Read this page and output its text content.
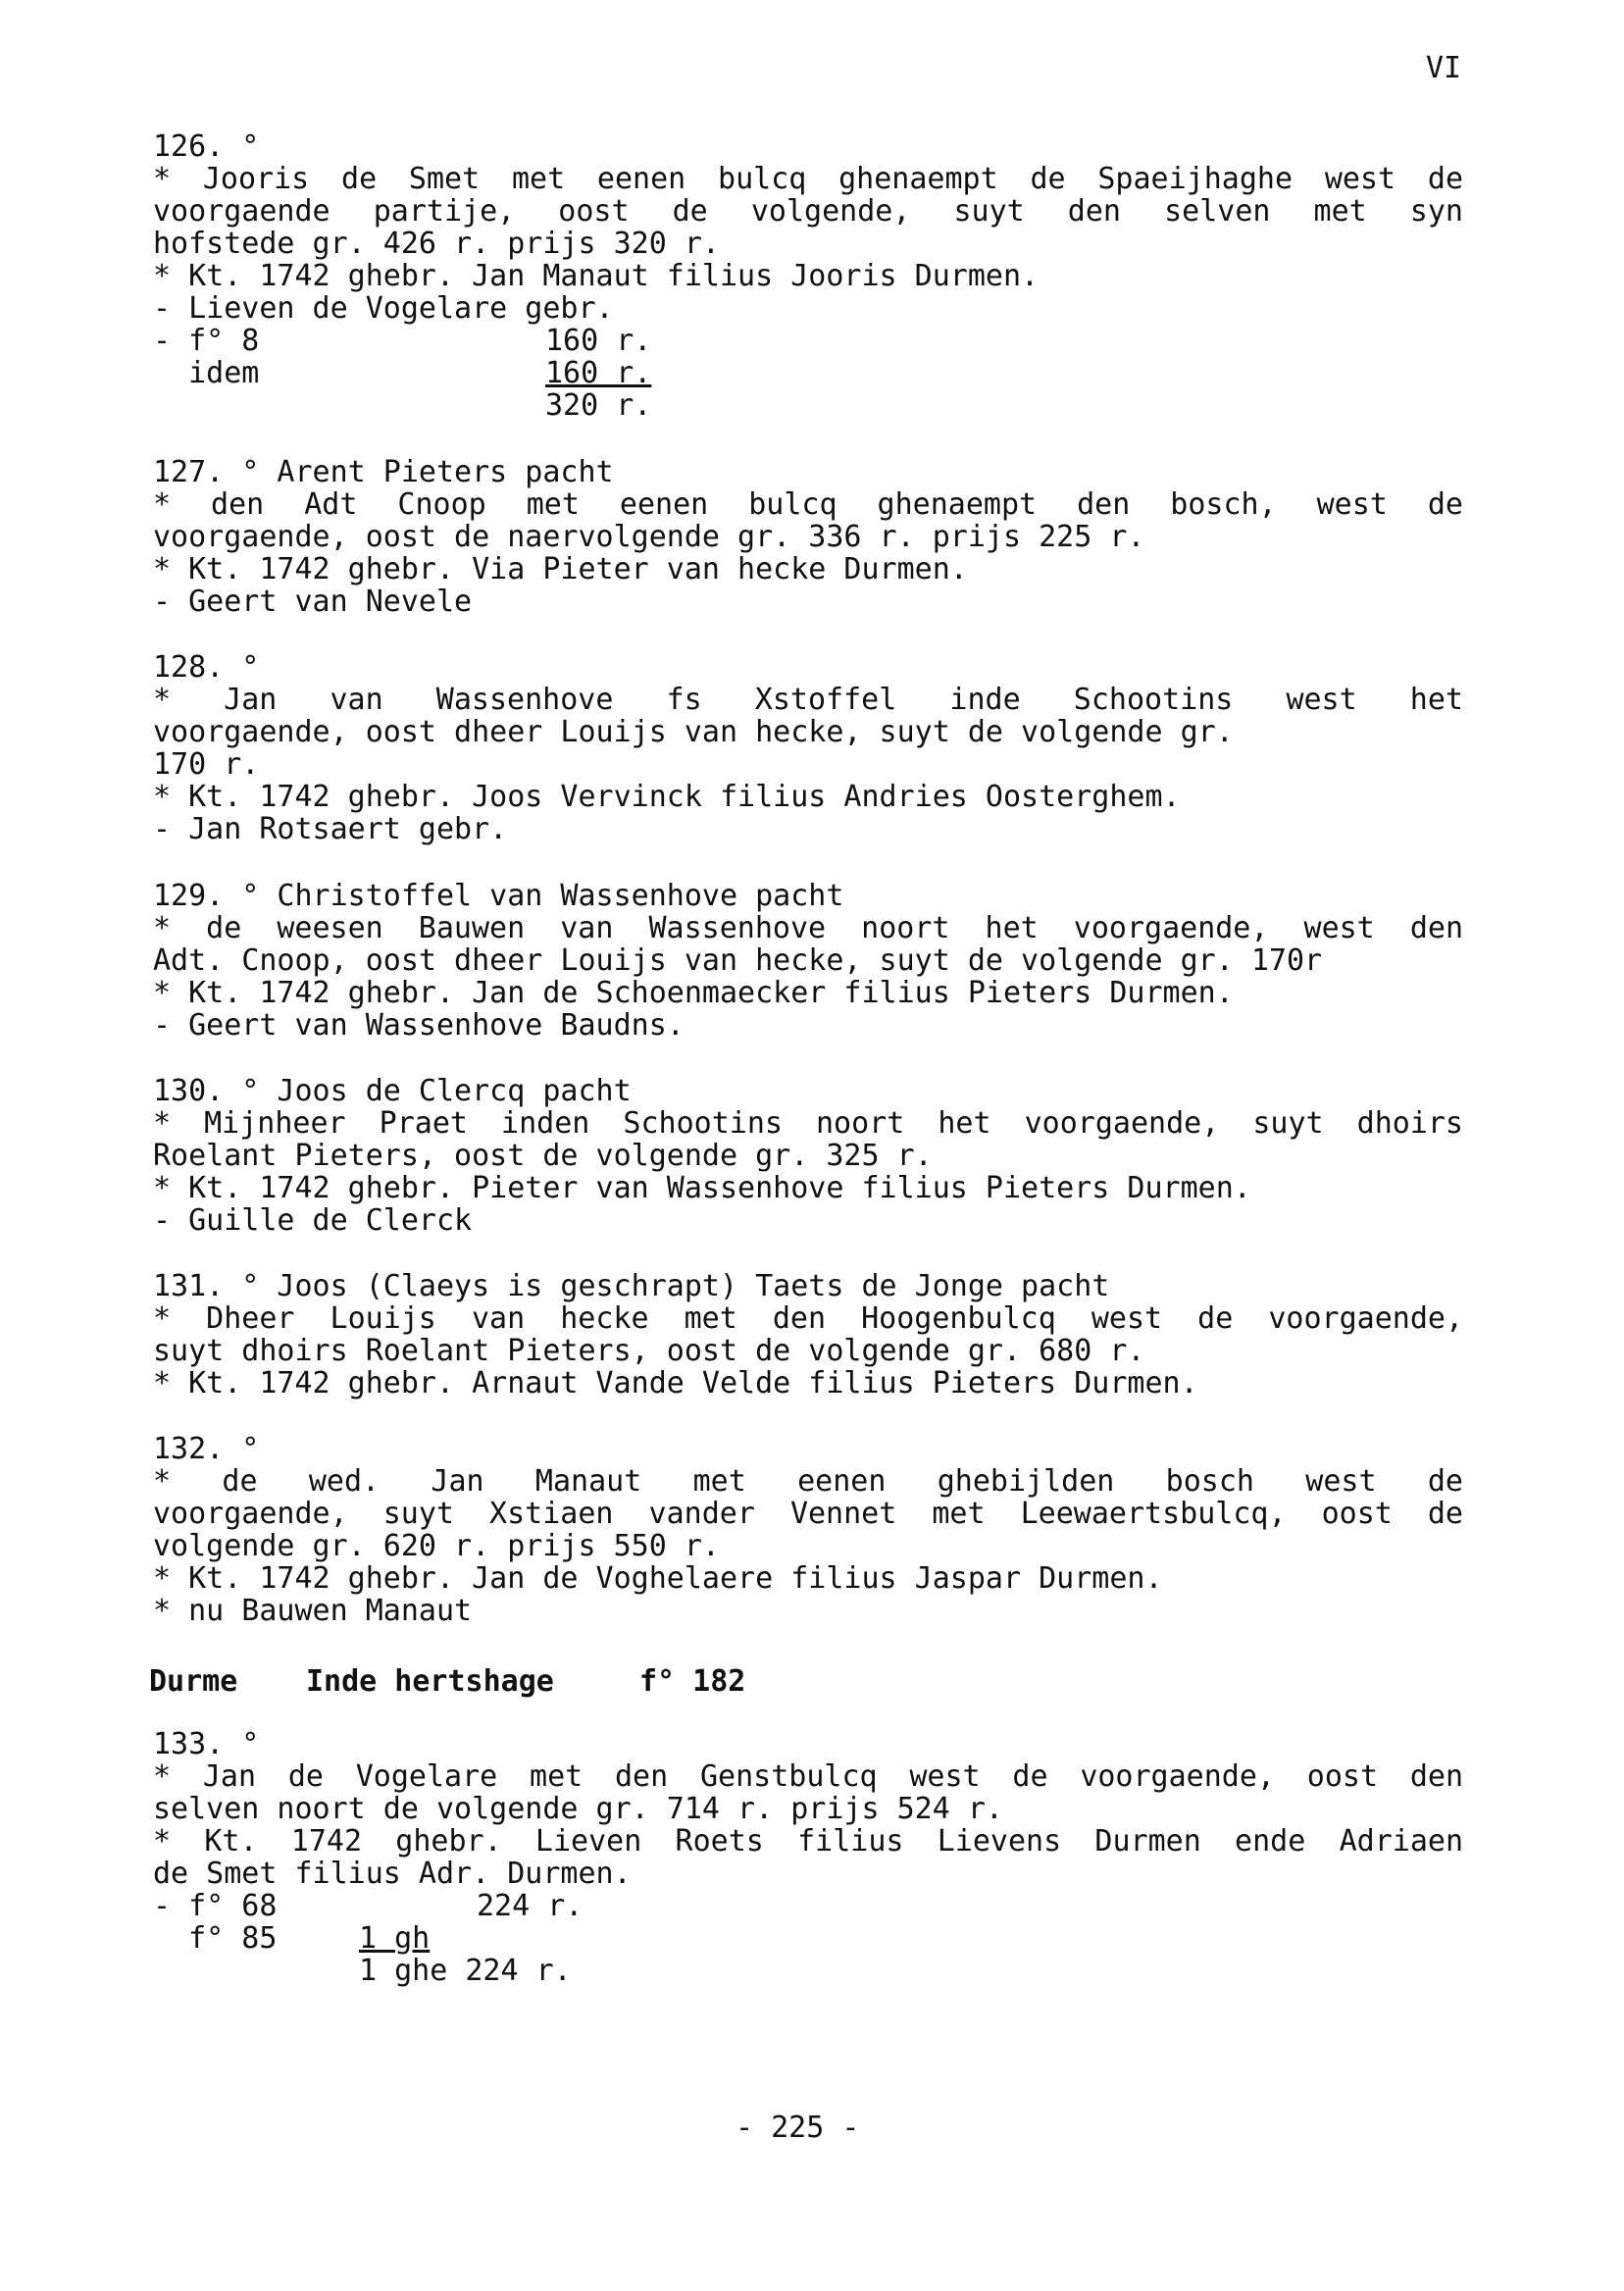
VI
126. °
* Jooris de Smet met eenen bulcq ghenaempt de Spaeijhaghe west de
voorgaende partije, oost de volgende, suyt den selven met syn
hofstede gr. 426 r. prijs 320 r.
* Kt. 1742 ghebr. Jan Manaut filius Jooris Durmen.
- Lieven de Vogelare gebr.
- f° 8	160 r.
idem	160 r.
320 r.
127. ° Arent Pieters pacht
* den Adt Cnoop met eenen bulcq ghenaempt den bosch, west de
voorgaende, oost de naervolgende gr. 336 r. prijs 225 r.
* Kt. 1742 ghebr. Via Pieter van hecke Durmen.
- Geert van Nevele
128. °
* Jan van Wassenhove fs Xstoffel inde Schootins west het
voorgaende, oost dheer Louijs van hecke, suyt de volgende gr.
170 r.
* Kt. 1742 ghebr. Joos Vervinck filius Andries Oosterghem.
- Jan Rotsaert gebr.
129. ° Christoffel van Wassenhove pacht
* de weesen Bauwen van Wassenhove noort het voorgaende, west den
Adt. Cnoop, oost dheer Louijs van hecke, suyt de volgende gr. 170r
* Kt. 1742 ghebr. Jan de Schoenmaecker filius Pieters Durmen.
- Geert van Wassenhove Baudns.
130. ° Joos de Clercq pacht
* Mijnheer Praet inden Schootins noort het voorgaende, suyt dhoirs
Roelant Pieters, oost de volgende gr. 325 r.
* Kt. 1742 ghebr. Pieter van Wassenhove filius Pieters Durmen.
- Guille de Clerck
131. ° Joos (Claeys is geschrapt) Taets de Jonge pacht
* Dheer Louijs van hecke met den Hoogenbulcq west de voorgaende,
suyt dhoirs Roelant Pieters, oost de volgende gr. 680 r.
* Kt. 1742 ghebr. Arnaut Vande Velde filius Pieters Durmen.
132. °
* de wed. Jan Manaut met eenen ghebijlden bosch west de
voorgaende, suyt Xstiaen vander Vennet met Leewaertsbulcq, oost de
volgende gr. 620 r. prijs 550 r.
* Kt. 1742 ghebr. Jan de Voghelaere filius Jaspar Durmen.
* nu Bauwen Manaut
Durme Inde hertshage	f° 182
133. °
* Jan de Vogelare met den Genstbulcq west de voorgaende, oost den
selven noort de volgende gr. 714 r. prijs 524 r.
* Kt. 1742 ghebr. Lieven Roets filius Lievens Durmen ende Adriaen
de Smet filius Adr. Durmen.
- f° 68	224 r.
f° 85	1 gh
1 ghe 224 r.
- 225 -
